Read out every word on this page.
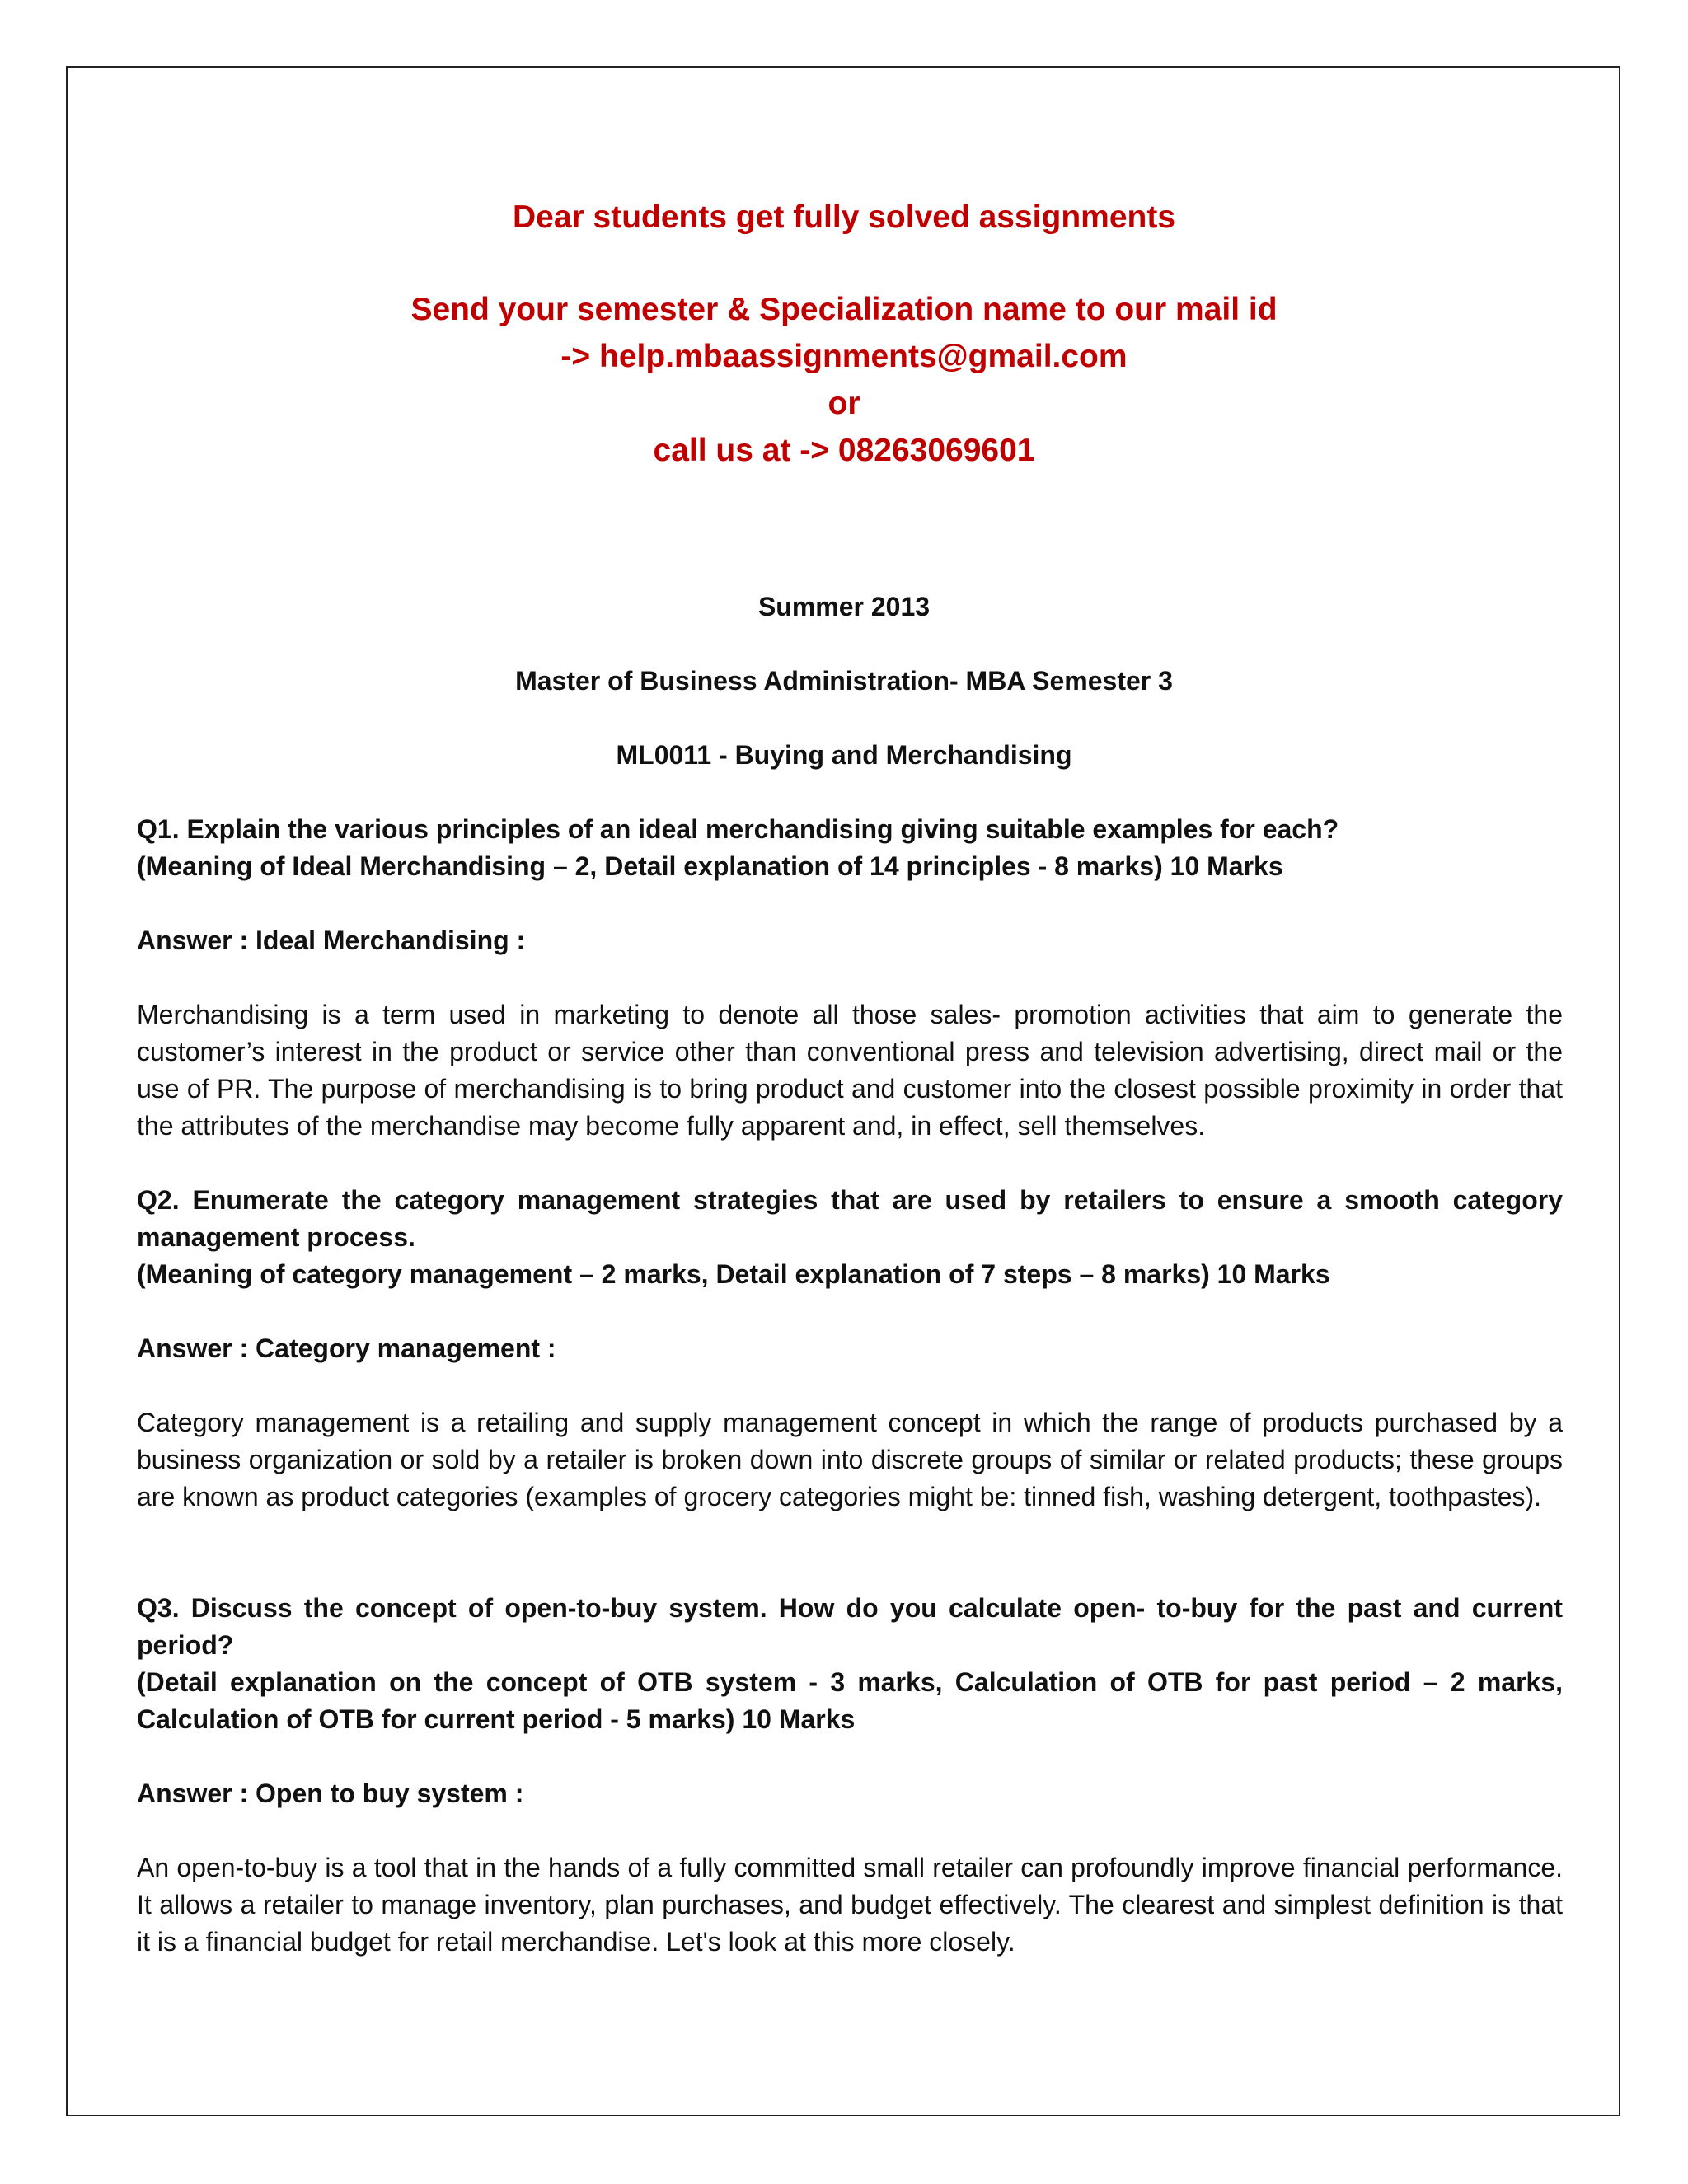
Dear students get fully solved assignments
Send your semester & Specialization name to our mail id
-> help.mbaassignments@gmail.com
or
call us at -> 08263069601
Summer 2013
Master of Business Administration- MBA Semester 3
ML0011 - Buying and Merchandising
Q1. Explain the various principles of an ideal merchandising giving suitable examples for each?
(Meaning of Ideal Merchandising – 2, Detail explanation of 14 principles - 8 marks) 10 Marks
Answer : Ideal Merchandising :
Merchandising is a term used in marketing to denote all those sales- promotion activities that aim to generate the customer’s interest in the product or service other than conventional press and television advertising, direct mail or the use of PR. The purpose of merchandising is to bring product and customer into the closest possible proximity in order that the attributes of the merchandise may become fully apparent and, in effect, sell themselves.
Q2. Enumerate the category management strategies that are used by retailers to ensure a smooth category management process.
(Meaning of category management – 2 marks, Detail explanation of 7 steps – 8 marks) 10 Marks
Answer : Category management :
Category management is a retailing and supply management concept in which the range of products purchased by a business organization or sold by a retailer is broken down into discrete groups of similar or related products; these groups are known as product categories (examples of grocery categories might be: tinned fish, washing detergent, toothpastes).
Q3. Discuss the concept of open-to-buy system. How do you calculate open- to-buy for the past and current period?
(Detail explanation on the concept of OTB system - 3 marks, Calculation of OTB for past period – 2 marks, Calculation of OTB for current period - 5 marks) 10 Marks
Answer : Open to buy system :
An open-to-buy is a tool that in the hands of a fully committed small retailer can profoundly improve financial performance. It allows a retailer to manage inventory, plan purchases, and budget effectively. The clearest and simplest definition is that it is a financial budget for retail merchandise. Let's look at this more closely.
